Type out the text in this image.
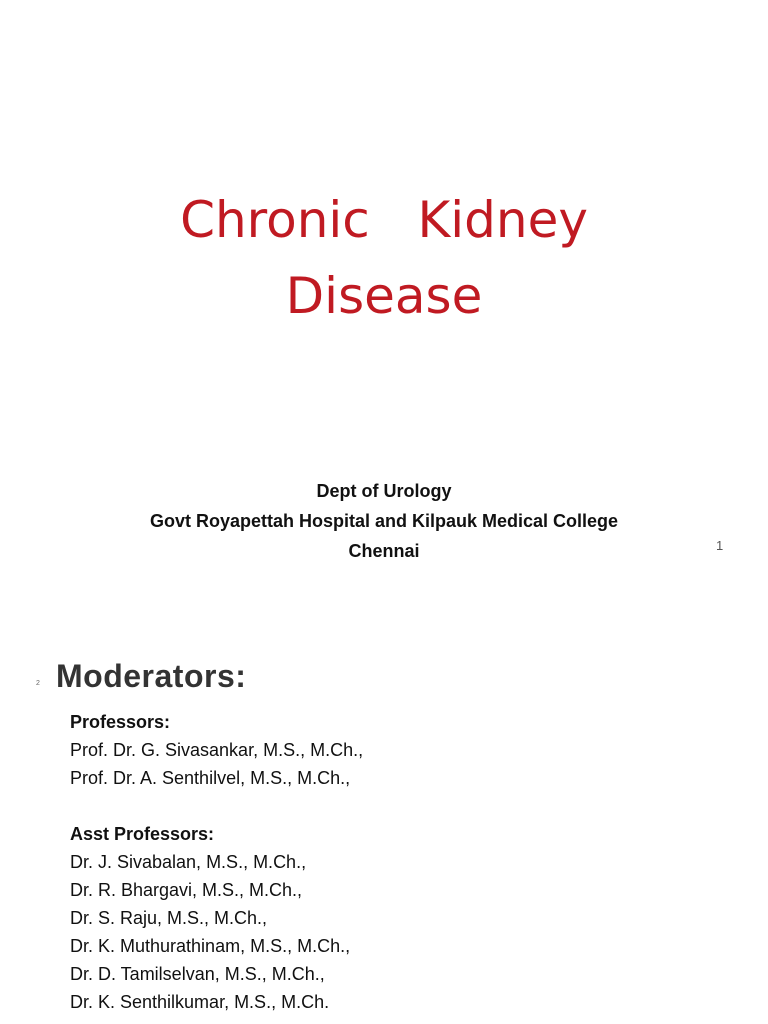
Chronic   Kidney
Disease
Dept of Urology
Govt Royapettah Hospital and Kilpauk Medical College
Chennai	1
2 Moderators:
Professors:
Prof. Dr. G. Sivasankar, M.S., M.Ch.,
Prof. Dr. A. Senthilvel, M.S., M.Ch.,
Asst Professors:
Dr. J. Sivabalan, M.S., M.Ch.,
Dr. R. Bhargavi, M.S., M.Ch.,
Dr. S. Raju, M.S., M.Ch.,
Dr. K. Muthurathinam, M.S., M.Ch.,
Dr. D. Tamilselvan, M.S., M.Ch.,
Dr. K. Senthilkumar, M.S., M.Ch.
